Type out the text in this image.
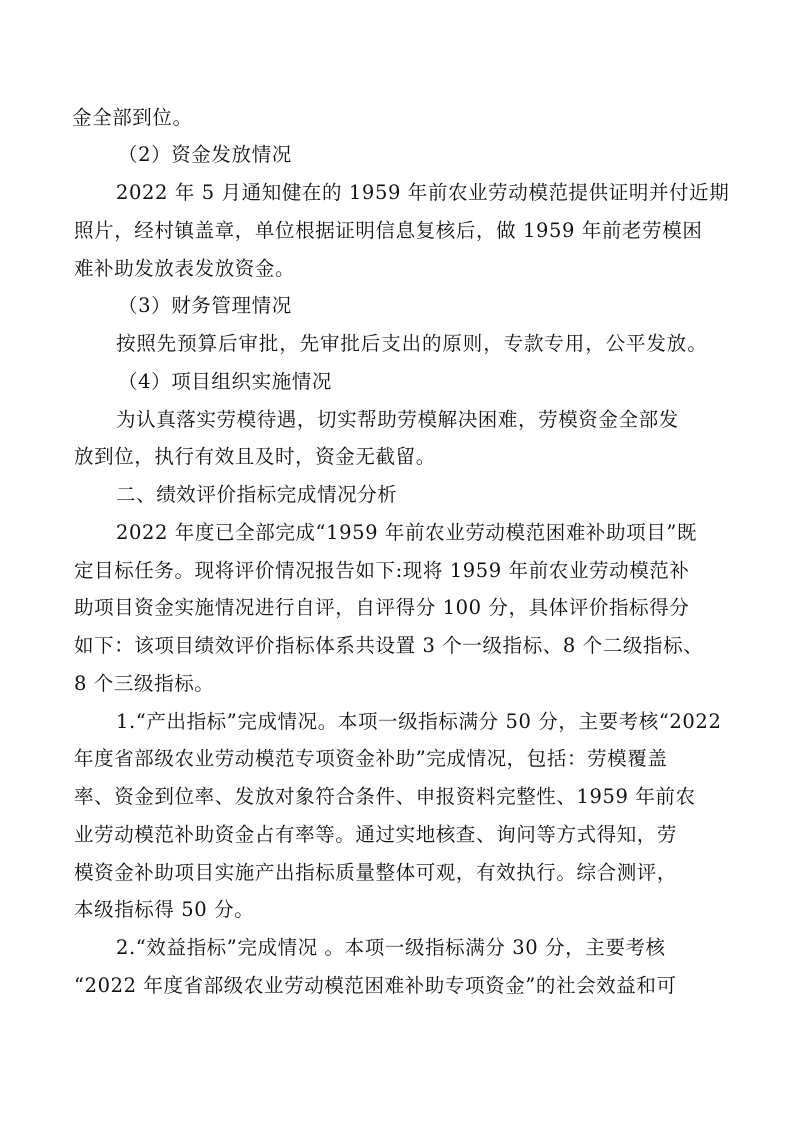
金全部到位。
（2）资金发放情况
2022 年 5 月通知健在的 1959 年前农业劳动模范提供证明并付近期
照片，经村镇盖章，单位根据证明信息复核后，做 1959 年前老劳模困
难补助发放表发放资金。
（3）财务管理情况
按照先预算后审批，先审批后支出的原则，专款专用，公平发放。
（4）项目组织实施情况
为认真落实劳模待遇，切实帮助劳模解决困难，劳模资金全部发
放到位，执行有效且及时，资金无截留。
二、绩效评价指标完成情况分析
2022 年度已全部完成“1959 年前农业劳动模范困难补助项目”既
定目标任务。现将评价情况报告如下:现将 1959 年前农业劳动模范补
助项目资金实施情况进行自评，自评得分 100 分，具体评价指标得分
如下：该项目绩效评价指标体系共设置 3 个一级指标、8 个二级指标、
8 个三级指标。
1.“产出指标”完成情况。本项一级指标满分 50 分，主要考核“2022
年度省部级农业劳动模范专项资金补助”完成情况，包括：劳模覆盖
率、资金到位率、发放对象符合条件、申报资料完整性、1959 年前农
业劳动模范补助资金占有率等。通过实地核查、询问等方式得知，劳
模资金补助项目实施产出指标质量整体可观，有效执行。综合测评，
本级指标得 50 分。
2.“效益指标”完成情况 。本项一级指标满分 30 分，主要考核
“2022 年度省部级农业劳动模范困难补助专项资金”的社会效益和可
